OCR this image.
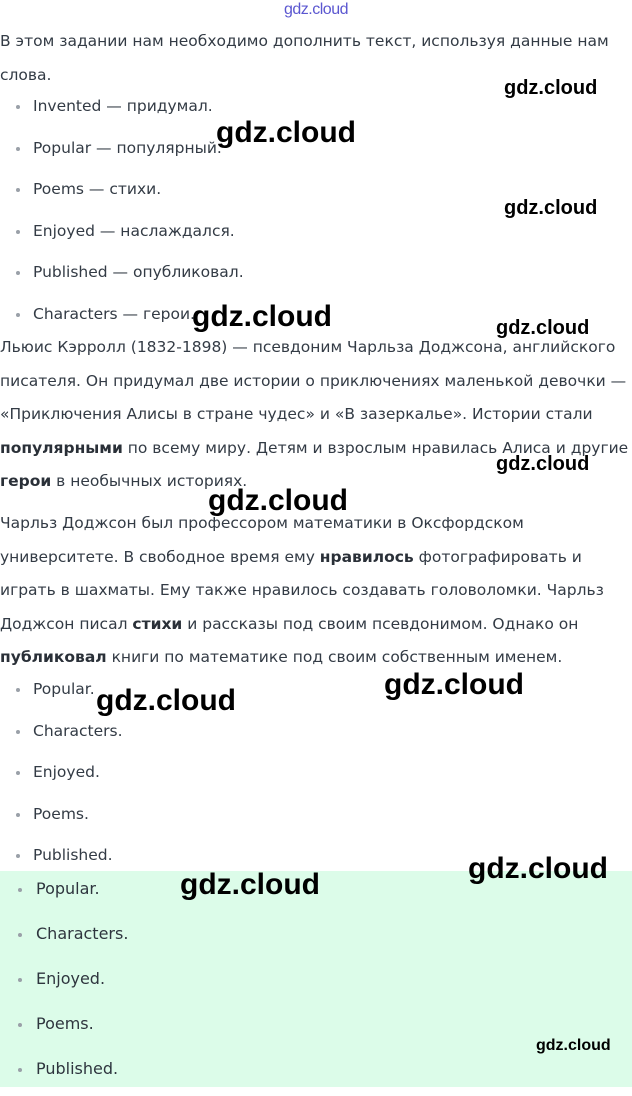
gdz.cloud

В этом задании нам необходимо дополнить текст, используя данные нам слова.

Invented — придумал.
Popular — популярный.
Poems — стихи.
Enjoyed — наслаждался.
Published — опубликовал.
Characters — герои.

Льюис Кэрролл (1832-1898) — псевдоним Чарльза Доджсона, английского писателя. Он придумал две истории о приключениях маленькой девочки — «Приключения Алисы в стране чудес» и «В зазеркалье». Истории стали популярными по всему миру. Детям и взрослым нравилась Алиса и другие герои в необычных историях.

Чарльз Доджсон был профессором математики в Оксфордском университете. В свободное время ему нравилось фотографировать и играть в шахматы. Ему также нравилось создавать головоломки. Чарльз Доджсон писал стихи и рассказы под своим псевдонимом. Однако он публиковал книги по математике под своим собственным именем.

Popular.
Characters.
Enjoyed.
Poems.
Published.
Popular.
Characters.
Enjoyed.
Poems.
Published.
gdz.cloud
gdz.cloud
gdz.cloud
gdz.cloud	gdz.cloud
gdz.cloud
gdz.cloud
gdz.cloud
gdz.cloud
gdz.cloud
gdz.cloud
gdz.cloud
